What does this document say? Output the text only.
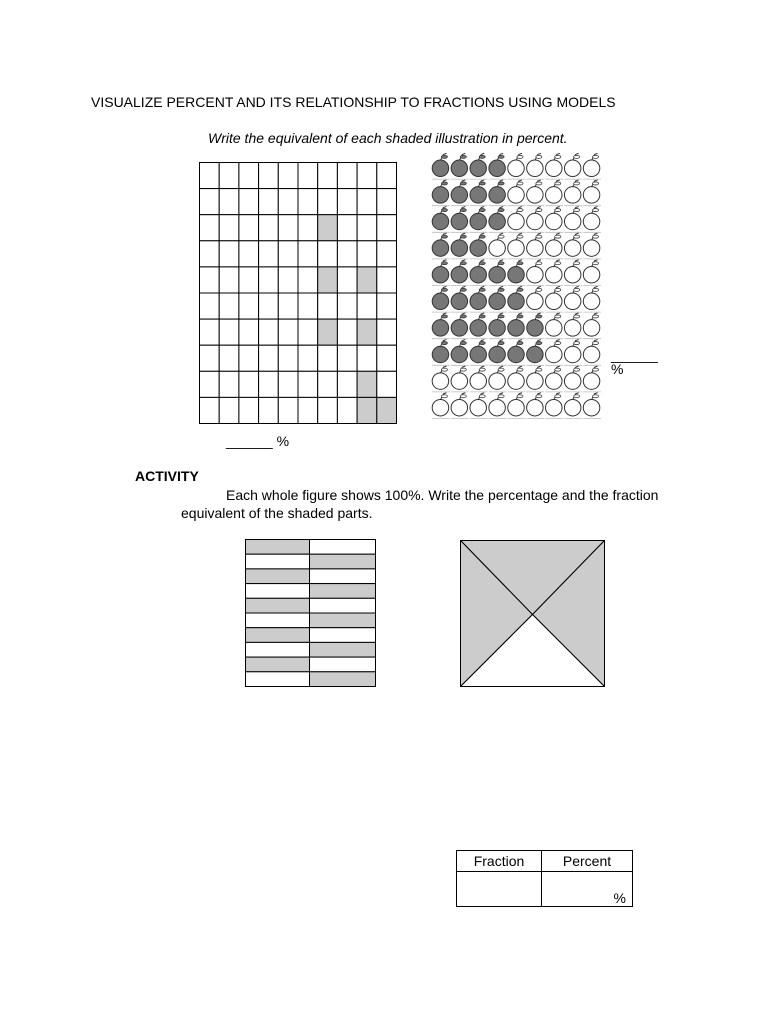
VISUALIZE PERCENT AND ITS RELATIONSHIP TO FRACTIONS USING MODELS
Write the equivalent of each shaded illustration in percent.
______ %
______
%
ACTIVITY
Each whole figure shows 100%. Write the percentage and the fraction equivalent of the shaded parts.
Fraction	Percent
	%
